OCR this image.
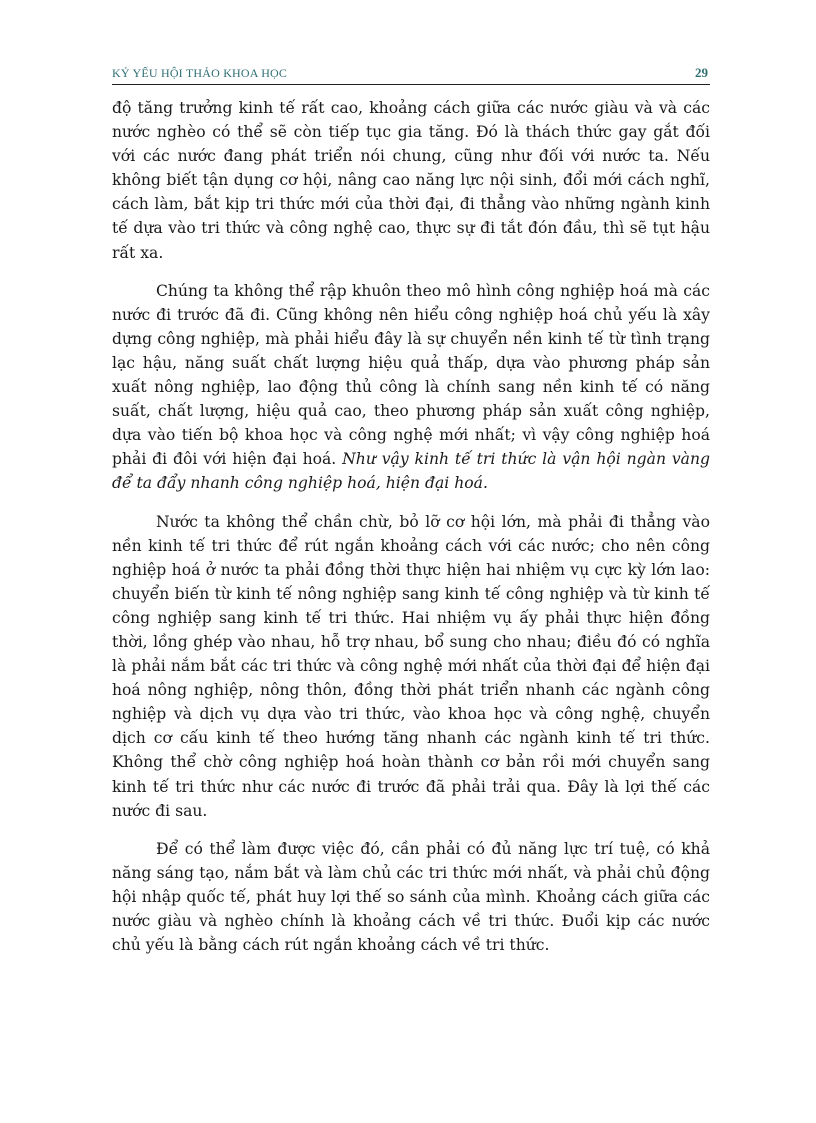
KỶ YẾU HỘI THẢO KHOA HỌC	29

độ tăng trưởng kinh tế rất cao, khoảng cách giữa các nước giàu và và các nước nghèo có thể sẽ còn tiếp tục gia tăng. Đó là thách thức gay gắt đối với các nước đang phát triển nói chung, cũng như đối với nước ta. Nếu không biết tận dụng cơ hội, nâng cao năng lực nội sinh, đổi mới cách nghĩ, cách làm, bắt kịp tri thức mới của thời đại, đi thẳng vào những ngành kinh tế dựa vào tri thức và công nghệ cao, thực sự đi tắt đón đầu, thì sẽ tụt hậu rất xa.

Chúng ta không thể rập khuôn theo mô hình công nghiệp hoá mà các nước đi trước đã đi. Cũng không nên hiểu công nghiệp hoá chủ yếu là xây dựng công nghiệp, mà phải hiểu đây là sự chuyển nền kinh tế từ tình trạng lạc hậu, năng suất chất lượng hiệu quả thấp, dựa vào phương pháp sản xuất nông nghiệp, lao động thủ công là chính sang nền kinh tế có năng suất, chất lượng, hiệu quả cao, theo phương pháp sản xuất công nghiệp, dựa vào tiến bộ khoa học và công nghệ mới nhất; vì vậy công nghiệp hoá phải đi đôi với hiện đại hoá. Như vậy kinh tế tri thức là vận hội ngàn vàng để ta đẩy nhanh công nghiệp hoá, hiện đại hoá.

Nước ta không thể chần chừ, bỏ lỡ cơ hội lớn, mà phải đi thẳng vào nền kinh tế tri thức để rút ngắn khoảng cách với các nước; cho nên công nghiệp hoá ở nước ta phải đồng thời thực hiện hai nhiệm vụ cực kỳ lớn lao: chuyển biến từ kinh tế nông nghiệp sang kinh tế công nghiệp và từ kinh tế công nghiệp sang kinh tế tri thức. Hai nhiệm vụ ấy phải thực hiện đồng thời, lồng ghép vào nhau, hỗ trợ nhau, bổ sung cho nhau; điều đó có nghĩa là phải nắm bắt các tri thức và công nghệ mới nhất của thời đại để hiện đại hoá nông nghiệp, nông thôn, đồng thời phát triển nhanh các ngành công nghiệp và dịch vụ dựa vào tri thức, vào khoa học và công nghệ, chuyển dịch cơ cấu kinh tế theo hướng tăng nhanh các ngành kinh tế tri thức. Không thể chờ công nghiệp hoá hoàn thành cơ bản rồi mới chuyển sang kinh tế tri thức như các nước đi trước đã phải trải qua. Đây là lợi thế các nước đi sau.

Để có thể làm được việc đó, cần phải có đủ năng lực trí tuệ, có khả năng sáng tạo, nắm bắt và làm chủ các tri thức mới nhất, và phải chủ động hội nhập quốc tế, phát huy lợi thế so sánh của mình. Khoảng cách giữa các nước giàu và nghèo chính là khoảng cách về tri thức. Đuổi kịp các nước chủ yếu là bằng cách rút ngắn khoảng cách về tri thức.
